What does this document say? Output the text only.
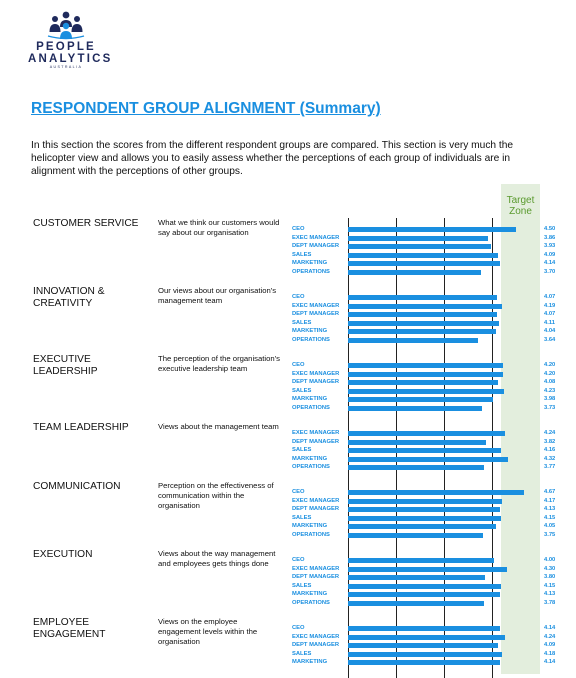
PEOPLE
ANALYTICS
AUSTRALIA
RESPONDENT GROUP ALIGNMENT (Summary)
In this section the scores from the different respondent groups are compared. This section is very much the helicopter view and allows you to easily assess whether the perceptions of each group of individuals are in alignment with the perceptions of other groups.
Target Zone
CUSTOMER SERVICE	What we think our customers would say about our organisation	CEO	4.50
EXEC MANAGER	3.86
DEPT MANAGER	3.93
SALES	4.09
MARKETING	4.14
OPERATIONS	3.70
INNOVATION & CREATIVITY
Our views about our organisation's management team	CEO	4.07
EXEC MANAGER	4.19
DEPT MANAGER	4.07
SALES	4.11
MARKETING	4.04
OPERATIONS	3.64
EXECUTIVE LEADERSHIP
The perception of the organisation's executive leadership team	CEO	4.20
EXEC MANAGER	4.20
DEPT MANAGER	4.08
SALES	4.23
MARKETING	3.98
OPERATIONS	3.73
TEAM LEADERSHIP	Views about the management team
EXEC MANAGER	4.24
DEPT MANAGER	3.82
SALES	4.16
MARKETING	4.32
OPERATIONS	3.77
COMMUNICATION	Perception on the effectiveness of communication within the organisation
CEO	4.67
EXEC MANAGER	4.17
DEPT MANAGER	4.13
SALES	4.15
MARKETING	4.05
OPERATIONS	3.75
EXECUTION	Views about the way management and employees gets things done	CEO	4.00
EXEC MANAGER	4.30
DEPT MANAGER	3.80
SALES	4.15
MARKETING	4.13
OPERATIONS	3.78
EMPLOYEE ENGAGEMENT
Views on the employee engagement levels within the organisation
CEO	4.14
EXEC MANAGER	4.24
DEPT MANAGER	4.09
SALES	4.18
MARKETING	4.14
